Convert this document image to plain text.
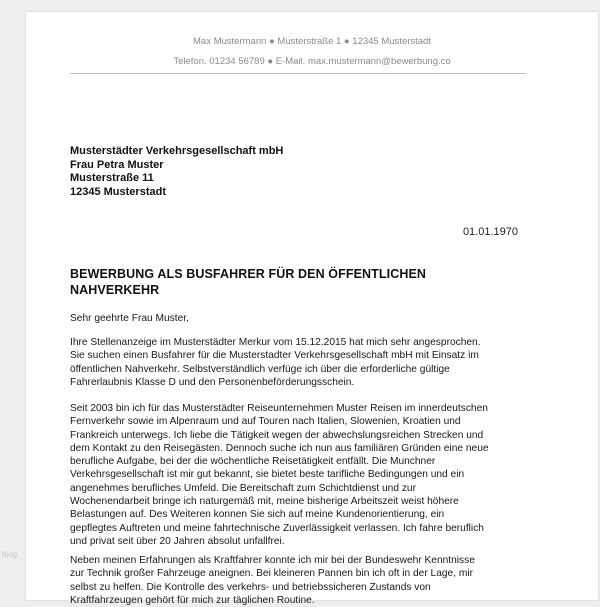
Max Mustermann ● Musterstraße 1 ● 12345 Musterstadt
Telefon. 01234 56789 ● E-Mail. max.mustermann@bewerbung.co
Musterstädter Verkehrsgesellschaft mbH
Frau Petra Muster
Musterstraße 11
12345 Musterstadt
01.01.1970
BEWERBUNG ALS BUSFAHRER FÜR DEN ÖFFENTLICHEN
NAHVERKEHR
Sehr geehrte Frau Muster,
Ihre Stellenanzeige im Musterstädter Merkur vom 15.12.2015 hat mich sehr angesprochen.
Sie suchen einen Busfahrer für die Musterstadter Verkehrsgesellschaft mbH mit Einsatz im
öffentlichen Nahverkehr. Selbstverständlich verfüge ich über die erforderliche gültige
Fahrerlaubnis Klasse D und den Personenbeförderungsschein.
Seit 2003 bin ich für das Musterstädter Reiseunternehmen Muster Reisen im innerdeutschen
Fernverkehr sowie im Alpenraum und auf Touren nach Italien, Slowenien, Kroatien und
Frankreich unterwegs. Ich liebe die Tätigkeit wegen der abwechslungsreichen Strecken und
dem Kontakt zu den Reisegästen. Dennoch suche ich nun aus familiären Gründen eine neue
berufliche Aufgabe, bei der die wöchentliche Reisetätigkeit entfällt. Die Munchner
Verkehrsgesellschaft ist mir gut bekannt, sie bietet beste tarifliche Bedingungen und ein
angenehmes berufliches Umfeld. Die Bereitschaft zum Schichtdienst und zur
Wochenendarbeit bringe ich naturgemäß mit, meine bisherige Arbeitszeit weist höhere
Belastungen auf. Des Weiteren konnen Sie sich auf meine Kundenorientierung, ein
gepflegtes Auftreten und meine fahrtechnische Zuverlässigkeit verlassen. Ich fahre beruflich
und privat seit über 20 Jahren absolut unfallfrei.
Neben meinen Erfahrungen als Kraftfahrer konnte ich mir bei der Bundeswehr Kenntnisse
zur Technik großer Fahrzeuge aneignen. Bei kleineren Pannen bin ich oft in der Lage, mir
selbst zu helfen. Die Kontrolle des verkehrs- und betriebssicheren Zustands von
Kraftfahrzeugen gehört für mich zur täglichen Routine.
blog
